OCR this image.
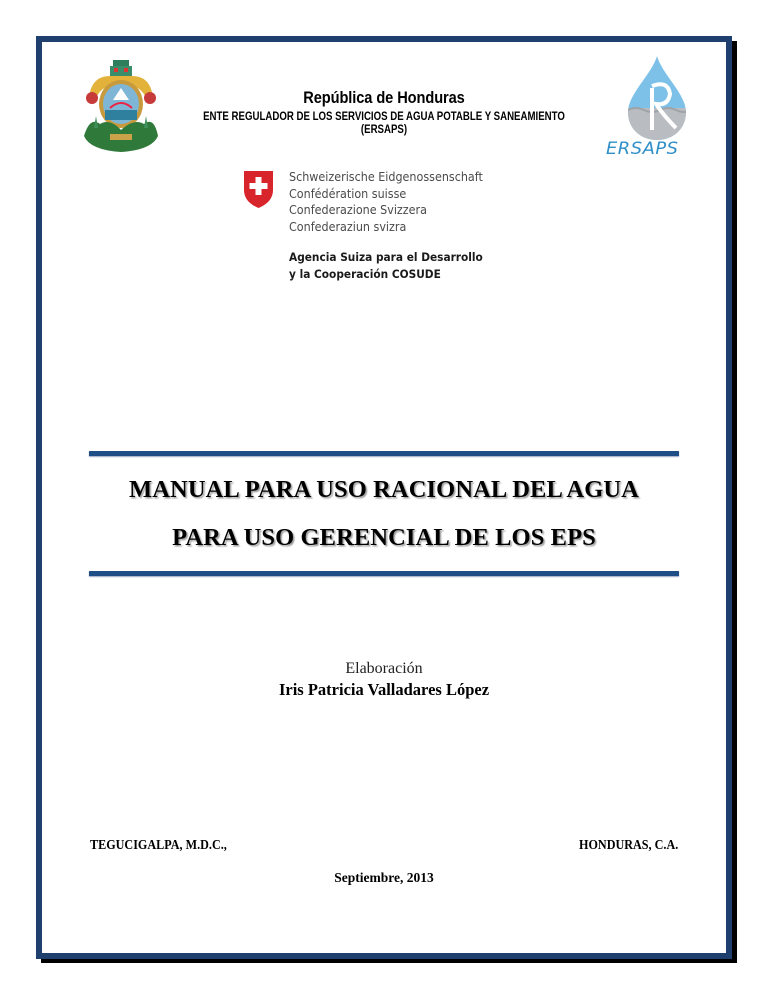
República de Honduras
ENTE REGULADOR DE LOS SERVICIOS DE AGUA POTABLE Y SANEAMIENTO
(ERSAPS)
ERSAPS
Schweizerische Eidgenossenschaft
Confédération suisse
Confederazione Svizzera
Confederaziun svizra
Agencia Suiza para el Desarrollo
y la Cooperación COSUDE
MANUAL PARA USO RACIONAL DEL AGUA
PARA USO GERENCIAL DE LOS EPS
Elaboración
Iris Patricia Valladares López
TEGUCIGALPA, M.D.C.,	HONDURAS, C.A.
Septiembre, 2013
